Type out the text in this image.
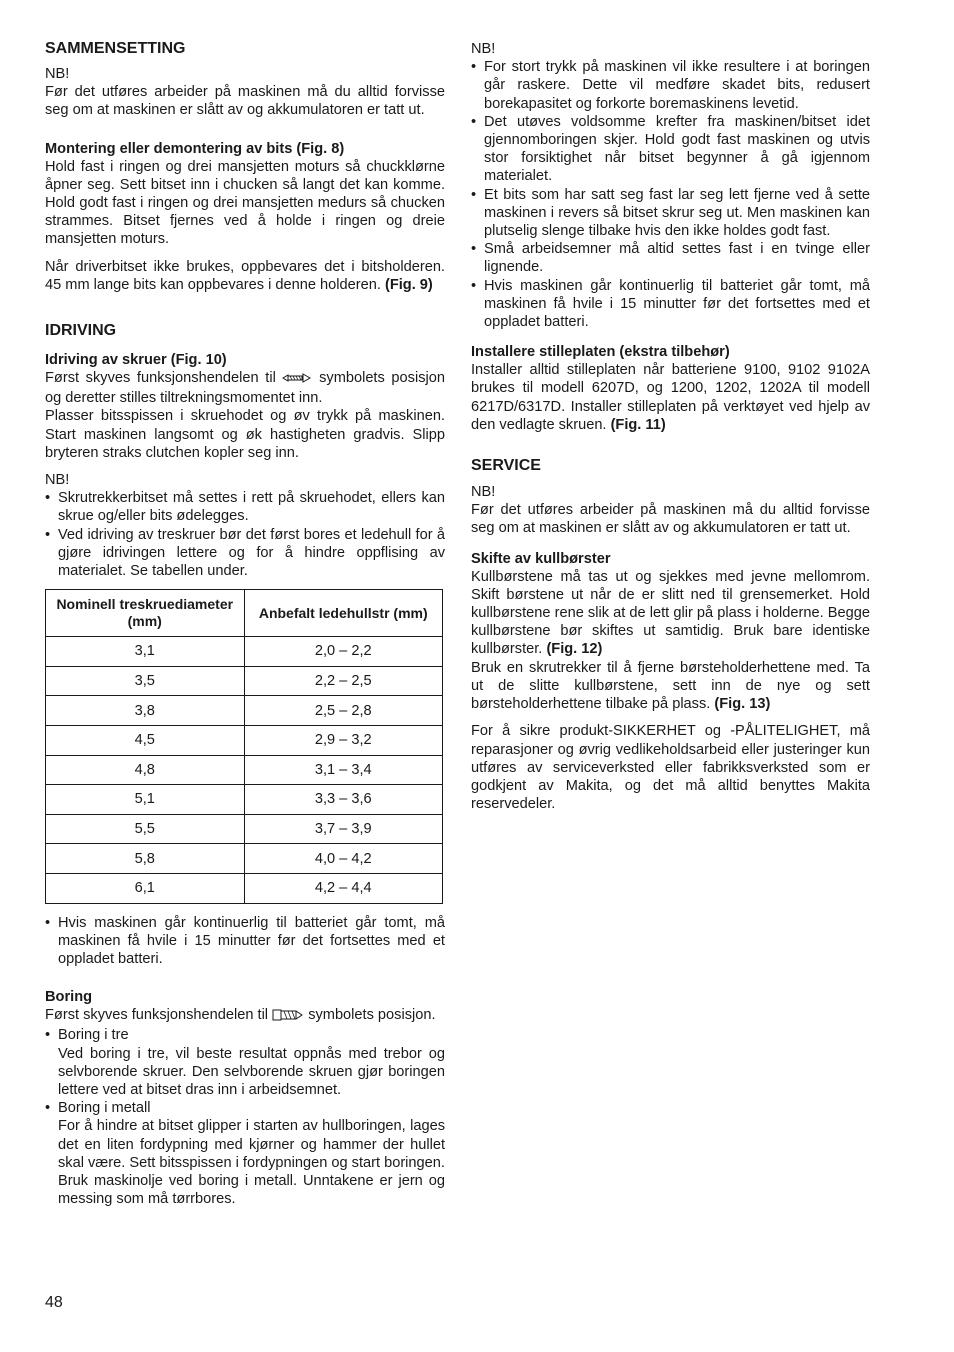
SAMMENSETTING

NB!

Før det utføres arbeider på maskinen må du alltid forvisse seg om at maskinen er slått av og akkumulatoren er tatt ut.

Montering eller demontering av bits (Fig. 8)

Hold fast i ringen og drei mansjetten moturs så chuckklørne åpner seg. Sett bitset inn i chucken så langt det kan komme. Hold godt fast i ringen og drei mansjetten medurs så chucken strammes. Bitset fjernes ved å holde i ringen og dreie mansjetten moturs.

Når driverbitset ikke brukes, oppbevares det i bitsholderen. 45 mm lange bits kan oppbevares i denne holderen. (Fig. 9)

IDRIVING
Idriving av skruer (Fig. 10)

Først skyves funksjonshendelen til	symbolets posisjon og deretter stilles tiltrekningsmomentet inn.

Plasser bitsspissen i skruehodet og øv trykk på maskinen. Start maskinen langsomt og øk hastigheten gradvis. Slipp bryteren straks clutchen kopler seg inn.

NB!

• Skrutrekkerbitset må settes i rett på skruehodet, ellers kan skrue og/eller bits ødelegges.
• Ved idriving av treskruer bør det først bores et ledehull for å gjøre idrivingen lettere og for å hindre oppflising av materialet. Se tabellen under.
Nominell treskruediameter (mm)	Anbefalt ledehullstr (mm)
3,1	2,0 – 2,2
3,5	2,2 – 2,5
3,8	2,5 – 2,8
4,5	2,9 – 3,2
4,8	3,1 – 3,4
5,1	3,3 – 3,6
5,5	3,7 – 3,9
5,8	4,0 – 4,2
6,1	4,2 – 4,4
• Hvis maskinen går kontinuerlig til batteriet går tomt, må maskinen få hvile i 15 minutter før det fortsettes med et oppladet batteri.
Boring

Først skyves funksjonshendelen til	symbolets posisjon.

• Boring i tre
Ved boring i tre, vil beste resultat oppnås med trebor og selvborende skruer. Den selvborende skruen gjør boringen lettere ved at bitset dras inn i arbeidsemnet.
• Boring i metall
For å hindre at bitset glipper i starten av hullboringen, lages det en liten fordypning med kjørner og hammer der hullet skal være. Sett bitsspissen i fordypningen og start boringen.
Bruk maskinolje ved boring i metall. Unntakene er jern og messing som må tørrbores.

NB!

• For stort trykk på maskinen vil ikke resultere i at boringen går raskere. Dette vil medføre skadet bits, redusert borekapasitet og forkorte boremaskinens levetid.
• Det utøves voldsomme krefter fra maskinen/bitset idet gjennomboringen skjer. Hold godt fast maskinen og utvis stor forsiktighet når bitset begynner å gå igjennom materialet.
• Et bits som har satt seg fast lar seg lett fjerne ved å sette maskinen i revers så bitset skrur seg ut. Men maskinen kan plutselig slenge tilbake hvis den ikke holdes godt fast.
• Små arbeidsemner må altid settes fast i en tvinge eller lignende.
• Hvis maskinen går kontinuerlig til batteriet går tomt, må maskinen få hvile i 15 minutter før det fortsettes med et oppladet batteri.
Installere stilleplaten (ekstra tilbehør)

Installer alltid stilleplaten når batteriene 9100, 9102 9102A brukes til modell 6207D, og 1200, 1202, 1202A til modell 6217D/6317D. Installer stilleplaten på verktøyet ved hjelp av den vedlagte skruen. (Fig. 11)

SERVICE

NB!

Før det utføres arbeider på maskinen må du alltid forvisse seg om at maskinen er slått av og akkumulatoren er tatt ut.

Skifte av kullbørster

Kullbørstene må tas ut og sjekkes med jevne mellomrom. Skift børstene ut når de er slitt ned til grensemerket. Hold kullbørstene rene slik at de lett glir på plass i holderne. Begge kullbørstene bør skiftes ut samtidig. Bruk bare identiske kullbørster. (Fig. 12)

Bruk en skrutrekker til å fjerne børsteholderhettene med. Ta ut de slitte kullbørstene, sett inn de nye og sett børsteholderhettene tilbake på plass. (Fig. 13)

For å sikre produkt-SIKKERHET og -PÅLITELIGHET, må reparasjoner og øvrig vedlikeholdsarbeid eller justeringer kun utføres av serviceverksted eller fabrikksverksted som er godkjent av Makita, og det må alltid benyttes Makita reservedeler.

48
